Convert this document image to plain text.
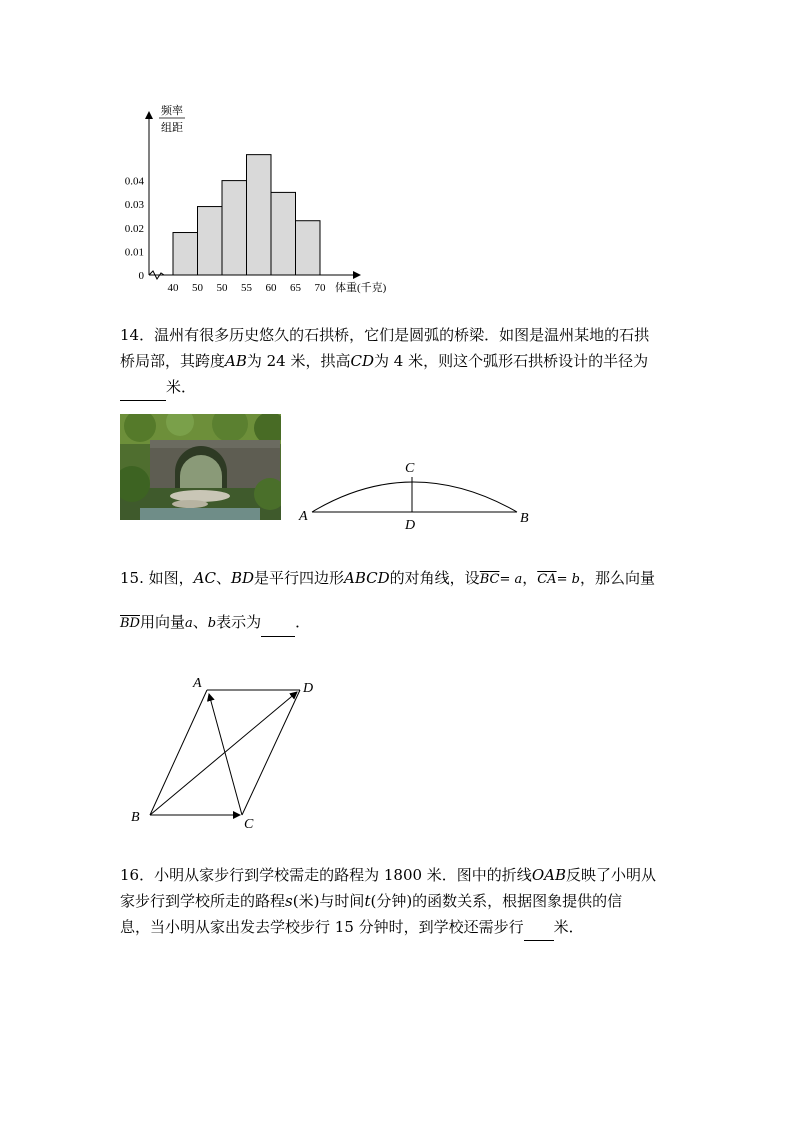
频率
组距
0
0.01
0.02
0.03
0.04
40 50 50 55 60 65 70 体重(千克)
14．温州有很多历史悠久的石拱桥，它们是圆弧的桥梁．如图是温州某地的石拱
桥局部，其跨度AB为 24 米，拱高CD为 4 米，则这个弧形石拱桥设计的半径为
米．
A	B
C
D
15. 如图，AC、BD是平行四边形ABCD的对角线，设$\overline{BC}= a$，$\overline{CA}= b$，那么向量
$\overline{BD}$用向量a、b表示为 ．
A	D
B	C
16．小明从家步行到学校需走的路程为 1800 米．图中的折线OAB反映了小明从
家步行到学校所走的路程s(米)与时间t(分钟)的函数关系，根据图象提供的信
息，当小明从家出发去学校步行 15 分钟时，到学校还需步行 米．
